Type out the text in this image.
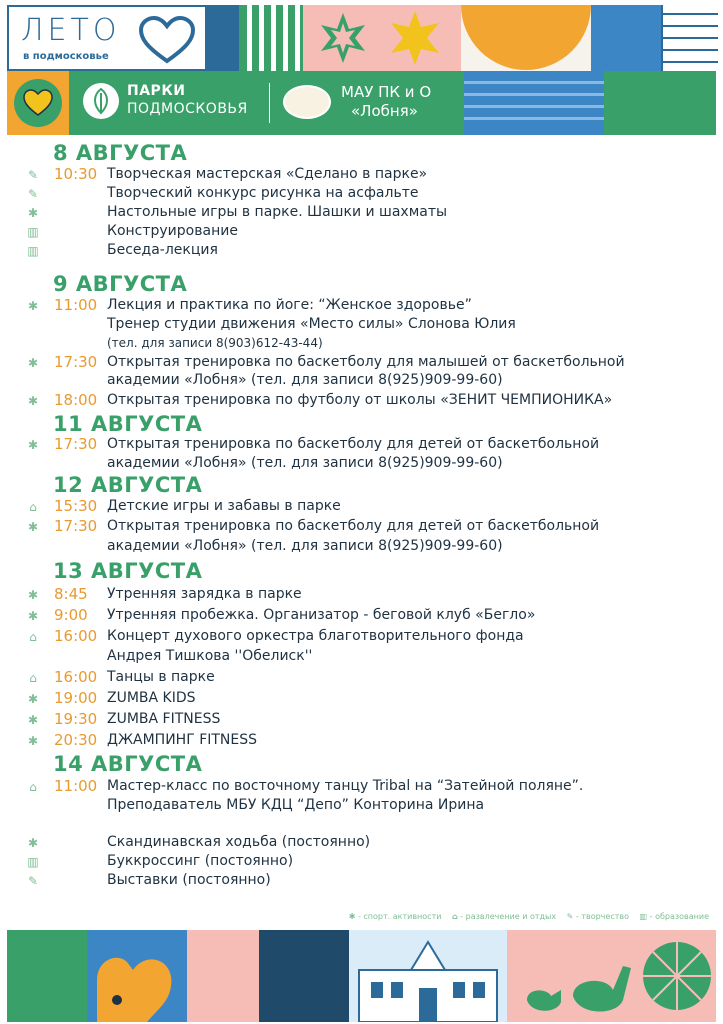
ЛЕТО
в подмосковье
ПАРКИ
ПОДМОСКОВЬЯ
МАУ ПК и О
«Лобня»
8 АВГУСТА
✎ 10:30 Творческая мастерская «Сделано в парке»
✎	Творческий конкурс рисунка на асфальте
✱	Настольные игры в парке. Шашки и шахматы
▥	Конструирование
▥	Беседа-лекция
9 АВГУСТА
✱ 11:00 Лекция и практика по йоге: “Женское здоровье”
Тренер студии движения «Место силы» Слонова Юлия
(тел. для записи 8(903)612-43-44)
✱ 17:30 Открытая тренировка по баскетболу для малышей от баскетбольной
академии «Лобня» (тел. для записи 8(925)909-99-60)
✱ 18:00 Открытая тренировка по футболу от школы «ЗЕНИТ ЧЕМПИОНИКА»
11 АВГУСТА
✱ 17:30 Открытая тренировка по баскетболу для детей от баскетбольной
академии «Лобня» (тел. для записи 8(925)909-99-60)
12 АВГУСТА
⌂ 15:30 Детские игры и забавы в парке
✱ 17:30 Открытая тренировка по баскетболу для детей от баскетбольной
академии «Лобня» (тел. для записи 8(925)909-99-60)
13 АВГУСТА
✱ 8:45 Утренняя зарядка в парке
✱ 9:00 Утренняя пробежка. Организатор - беговой клуб «Бегло»
⌂ 16:00 Концерт духового оркестра благотворительного фонда
Андрея Тишкова ''Обелиск''
⌂ 16:00 Танцы в парке
✱ 19:00 ZUMBA KIDS
✱ 19:30 ZUMBA FITNESS
✱ 20:30 ДЖАМПИНГ FITNESS
14 АВГУСТА
⌂ 11:00 Мастер-класс по восточному танцу Tribal на “Затейной поляне”.
Преподаватель МБУ КДЦ “Депо” Конторина Ирина
✱	Скандинавская ходьба (постоянно)
▥	Буккроссинг (постоянно)
✎	Выставки (постоянно)
✱ - спорт. активности ⌂ - развлечение и отдых ✎ - творчество ▥ - образование
